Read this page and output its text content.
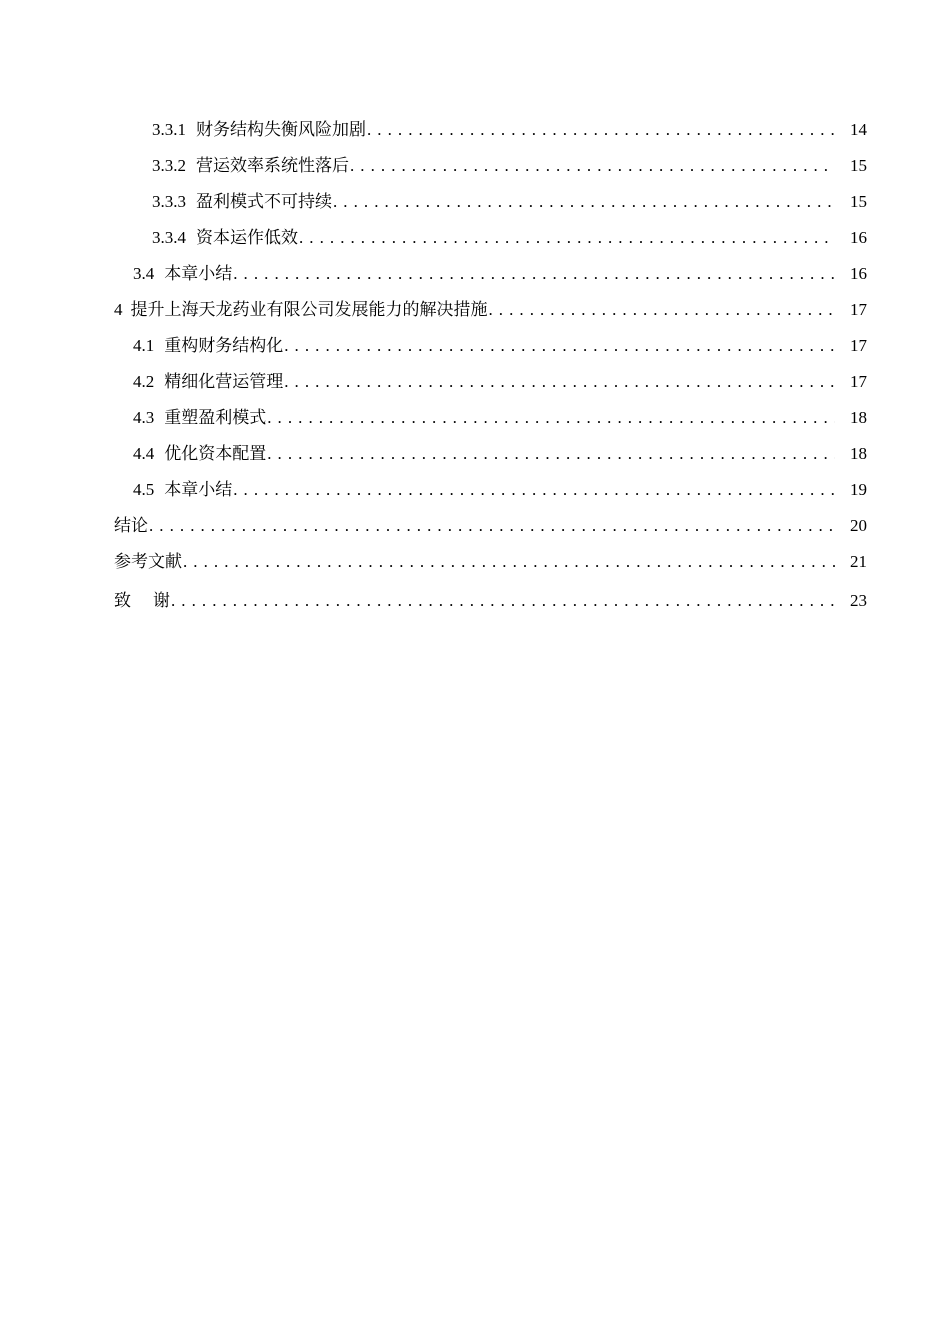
3.3.1 财务结构失衡风险加剧 . . .	14
3.3.2 营运效率系统性落后 . . .	15
3.3.3 盈利模式不可持续 . . .	15
3.3.4 资本运作低效 . . .	16
3.4 本章小结 . . .	16
4 提升上海天龙药业有限公司发展能力的解决措施 . . .	17
4.1 重构财务结构化 . . .	17
4.2 精细化营运管理 . . .	17
4.3 重塑盈利模式 . . .	18
4.4 优化资本配置 . . .	18
4.5 本章小结 . . .	19
结论 . . .	20
参考文献 . . .	21
致谢 . . .	23
